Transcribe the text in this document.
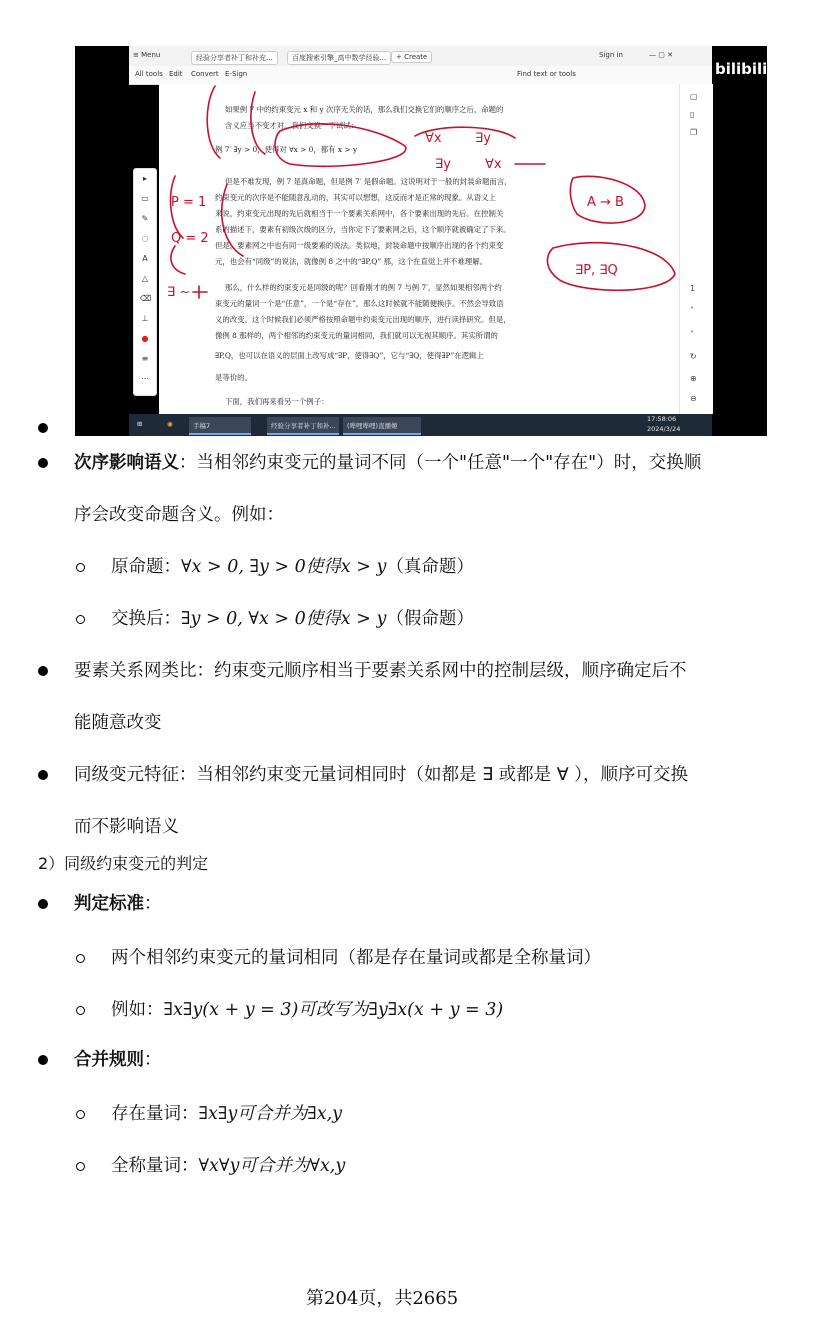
≡ Menu	经验分享者补丁和补充...	百度搜索引擎_高中数学经验...	+ Create	Sign in	— ▢ ✕
All tools Edit Convert E-Sign	Find text or tools
▸
▭
✎
◌
A
△
⌫
⊥
●
≡
⋯

如果例 7 中的约束变元 x 和 y 次序无关的话，那么我们交换它们的顺序之后，命题的

含义应当不变才对。我们交换一下试试：

例 7′ ∃y > 0，使得对 ∀x > 0，都有 x > y

但是不难发现，例 7 是真命题，但是例 7′ 是假命题。这说明对于一般的封装命题而言，

约束变元的次序是不能随意乱动的，其实可以想想，这反而才是正常的现象。从语义上

来说，约束变元出现的先后就相当于一个要素关系网中，各个要素出现的先后。在控制关

系的描述下，要素有初级次级的区分，当你定下了要素网之后，这个顺序就被确定了下来。

但是，要素网之中也有同一级要素的说法。类似地，封装命题中按顺序出现的各个约束变

元，也会有“同级”的说法，就像例 8 之中的“∃P,Q” 那，这个在直觉上并不难理解。

那么，什么样的约束变元是同级的呢？回看刚才的例 7 与例 7′，显然如果相邻两个约

束变元的量词一个是“任意”，一个是“存在”，那么这时候就不能随便换序。不然会导致语

义的改变。这个时候我们必须严格按照命题中约束变元出现的顺序，进行读择研究。但是，

像例 8 那样的，两个相邻的约束变元的量词相同，我们就可以无视其顺序。其实所谓的

∃P,Q，也可以在语义的层面上改写成“∃P，使得∃Q”，它与“∃Q，使得∃P”在逻辑上

是等价的。

下面，我们再来看另一个例子：

▢
▯
❐
1
˄
˅
↻
⊕
⊖
⊞	◉	手稿7	经验分享者补丁和补... (哔哩哔哩)直播姬
17:58:06
2024/3/24
bilibili
P = 1
Q = 2
∃ ~
∀x	∃y
∃y	∀x
A → B
∃P, ∃Q
次序影响语义：当相邻约束变元的量词不同（一个"任意"一个"存在"）时，交换顺
序会改变命题含义。例如：
原命题：∀x > 0, ∃y > 0使得x > y（真命题）
交换后：∃y > 0, ∀x > 0使得x > y（假命题）
要素关系网类比：约束变元顺序相当于要素关系网中的控制层级，顺序确定后不
能随意改变
同级变元特征：当相邻约束变元量词相同时（如都是 ∃ 或都是 ∀ ），顺序可交换
而不影响语义
2）同级约束变元的判定
判定标准：
两个相邻约束变元的量词相同（都是存在量词或都是全称量词）
例如：∃x∃y(x + y = 3)可改写为∃y∃x(x + y = 3)
合并规则：
存在量词：∃x∃y可合并为∃x,y
全称量词：∀x∀y可合并为∀x,y
第204页，共2665
